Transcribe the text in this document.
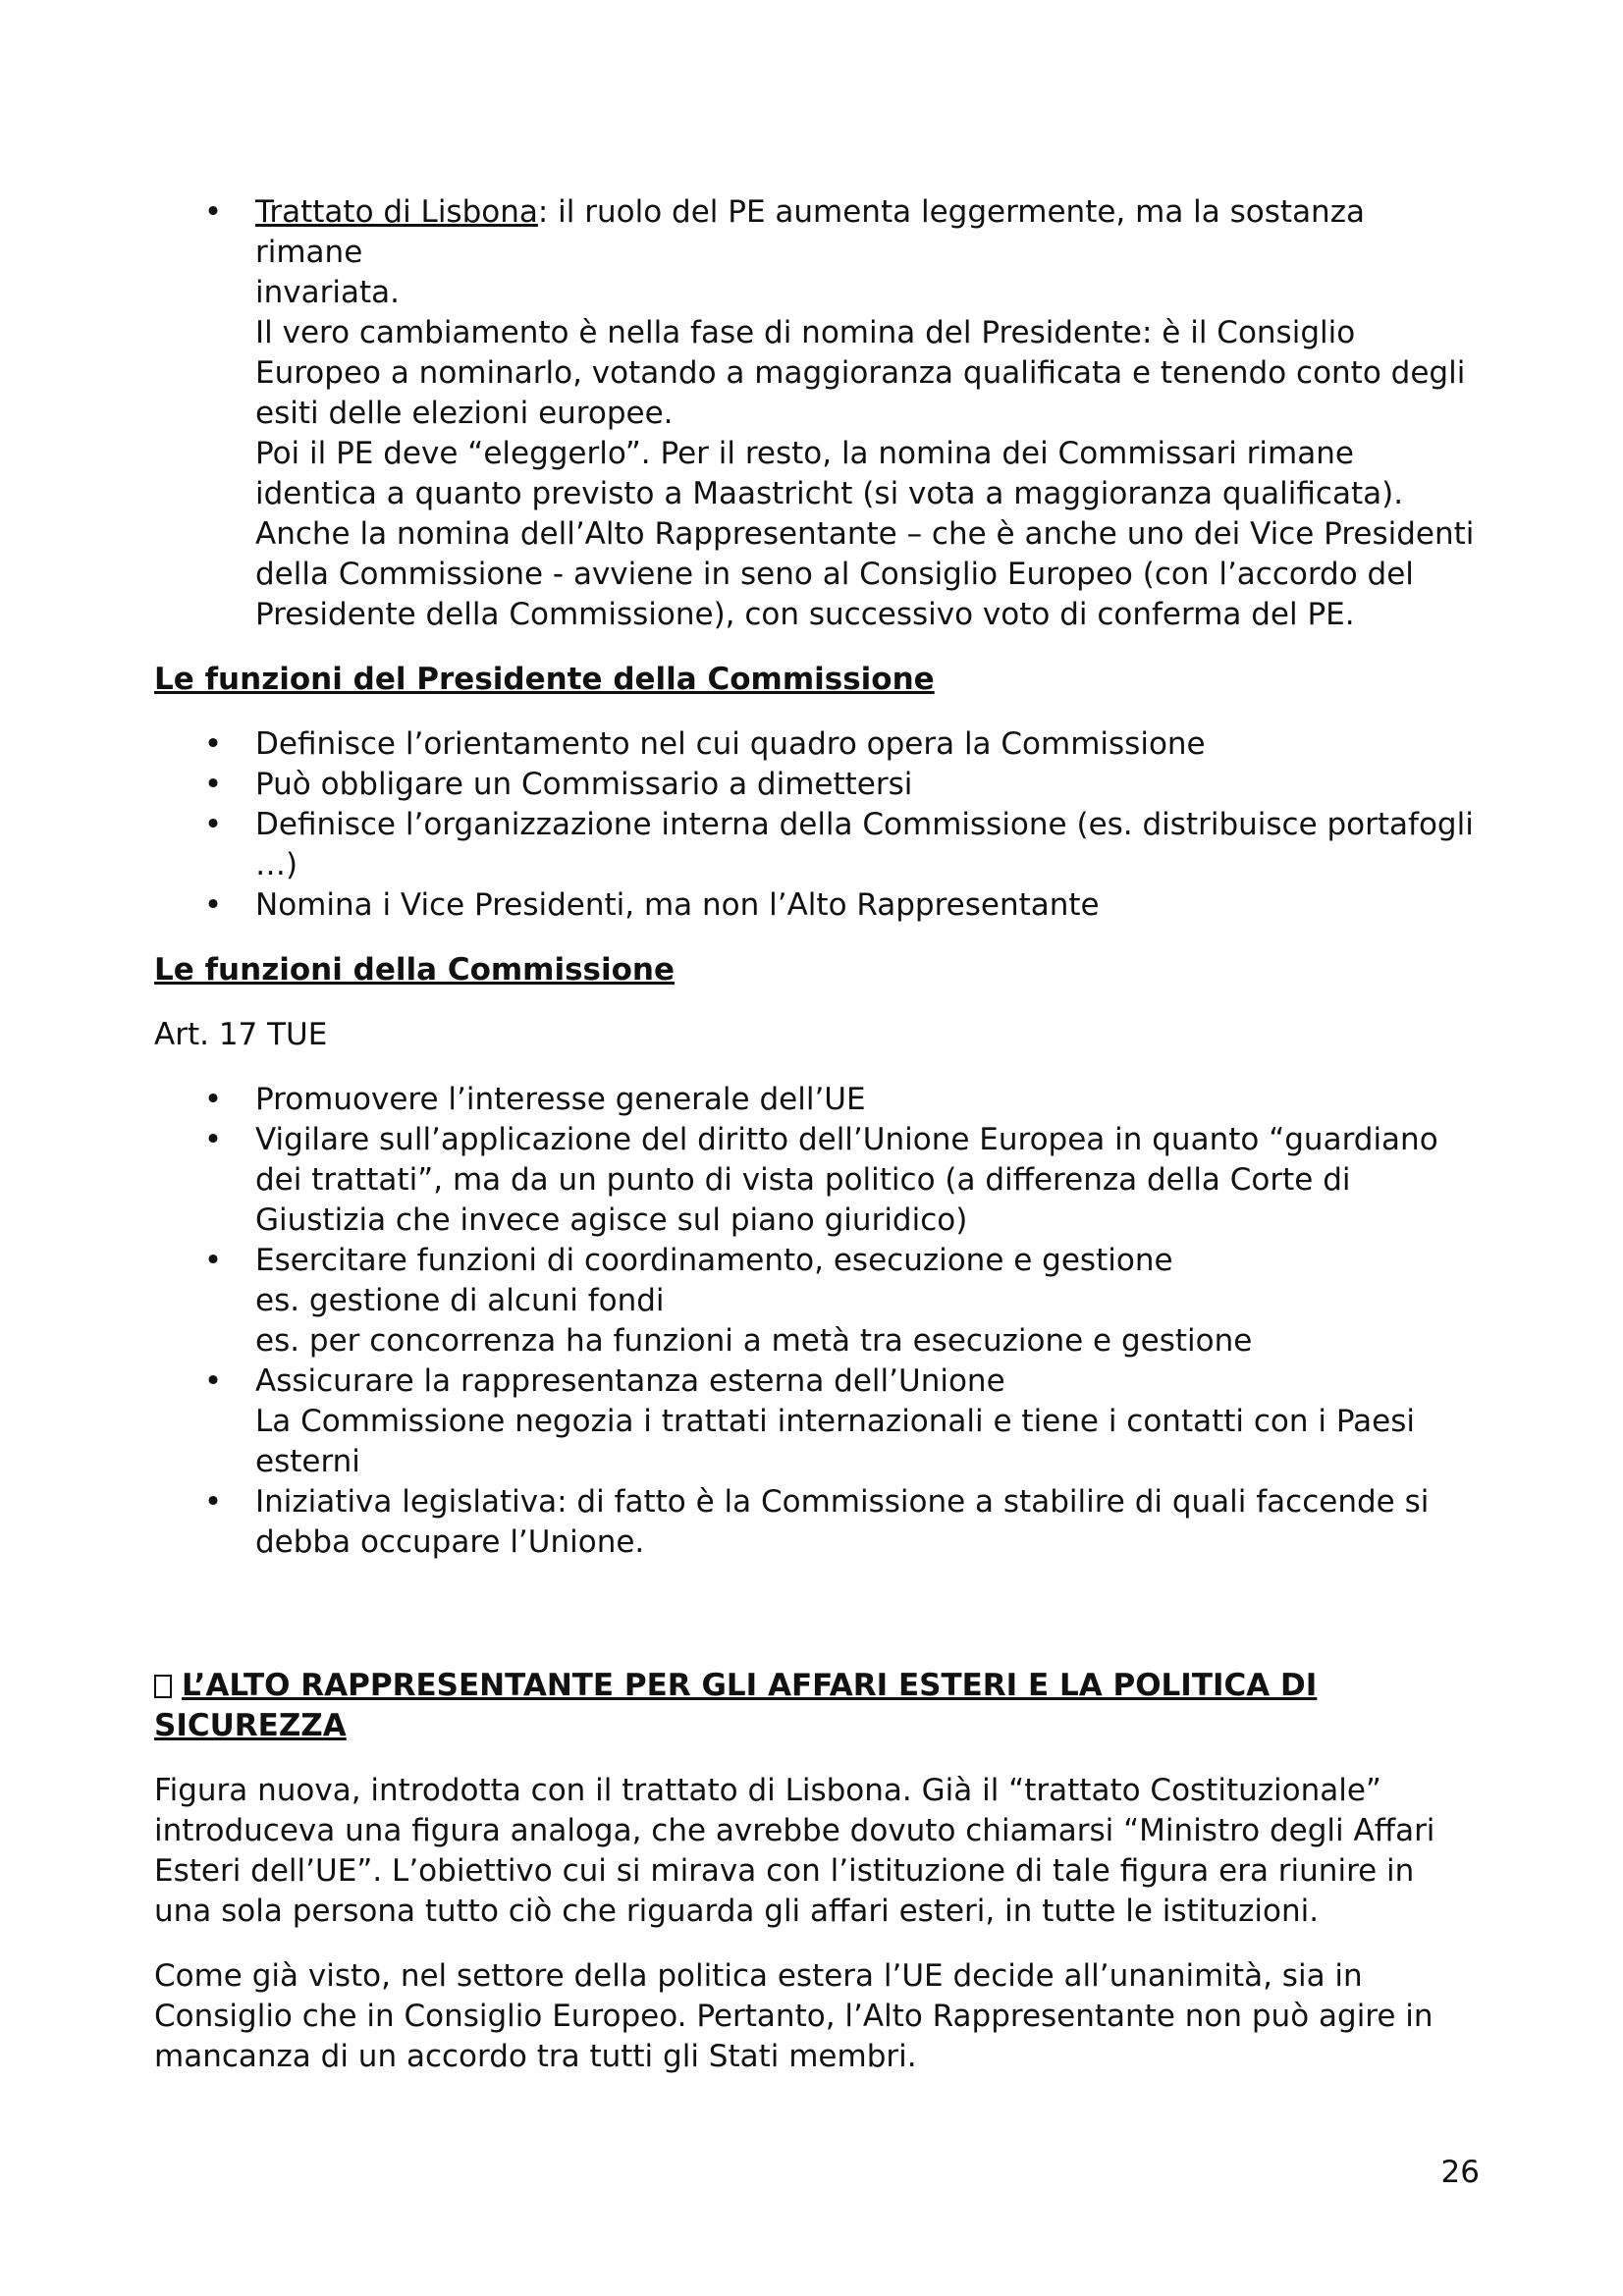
• Trattato di Lisbona: il ruolo del PE aumenta leggermente, ma la sostanza rimane
invariata.
Il vero cambiamento è nella fase di nomina del Presidente: è il Consiglio
Europeo a nominarlo, votando a maggioranza qualificata e tenendo conto degli
esiti delle elezioni europee.
Poi il PE deve “eleggerlo”. Per il resto, la nomina dei Commissari rimane
identica a quanto previsto a Maastricht (si vota a maggioranza qualificata).
Anche la nomina dell’Alto Rappresentante – che è anche uno dei Vice Presidenti
della Commissione - avviene in seno al Consiglio Europeo (con l’accordo del
Presidente della Commissione), con successivo voto di conferma del PE.
Le funzioni del Presidente della Commissione
• Definisce l’orientamento nel cui quadro opera la Commissione
• Può obbligare un Commissario a dimettersi
• Definisce l’organizzazione interna della Commissione (es. distribuisce portafogli
…)
• Nomina i Vice Presidenti, ma non l’Alto Rappresentante
Le funzioni della Commissione

Art. 17 TUE

• Promuovere l’interesse generale dell’UE
• Vigilare sull’applicazione del diritto dell’Unione Europea in quanto “guardiano
dei trattati”, ma da un punto di vista politico (a differenza della Corte di
Giustizia che invece agisce sul piano giuridico)
• Esercitare funzioni di coordinamento, esecuzione e gestione
es. gestione di alcuni fondi
es. per concorrenza ha funzioni a metà tra esecuzione e gestione
• Assicurare la rappresentanza esterna dell’Unione
La Commissione negozia i trattati internazionali e tiene i contatti con i Paesi
esterni
• Iniziativa legislativa: di fatto è la Commissione a stabilire di quali faccende si
debba occupare l’Unione.
L’ALTO RAPPRESENTANTE PER GLI AFFARI ESTERI E LA POLITICA DI
SICUREZZA

Figura nuova, introdotta con il trattato di Lisbona. Già il “trattato Costituzionale”
introduceva una figura analoga, che avrebbe dovuto chiamarsi “Ministro degli Affari
Esteri dell’UE”. L’obiettivo cui si mirava con l’istituzione di tale figura era riunire in
una sola persona tutto ciò che riguarda gli affari esteri, in tutte le istituzioni.

Come già visto, nel settore della politica estera l’UE decide all’unanimità, sia in
Consiglio che in Consiglio Europeo. Pertanto, l’Alto Rappresentante non può agire in
mancanza di un accordo tra tutti gli Stati membri.

26
